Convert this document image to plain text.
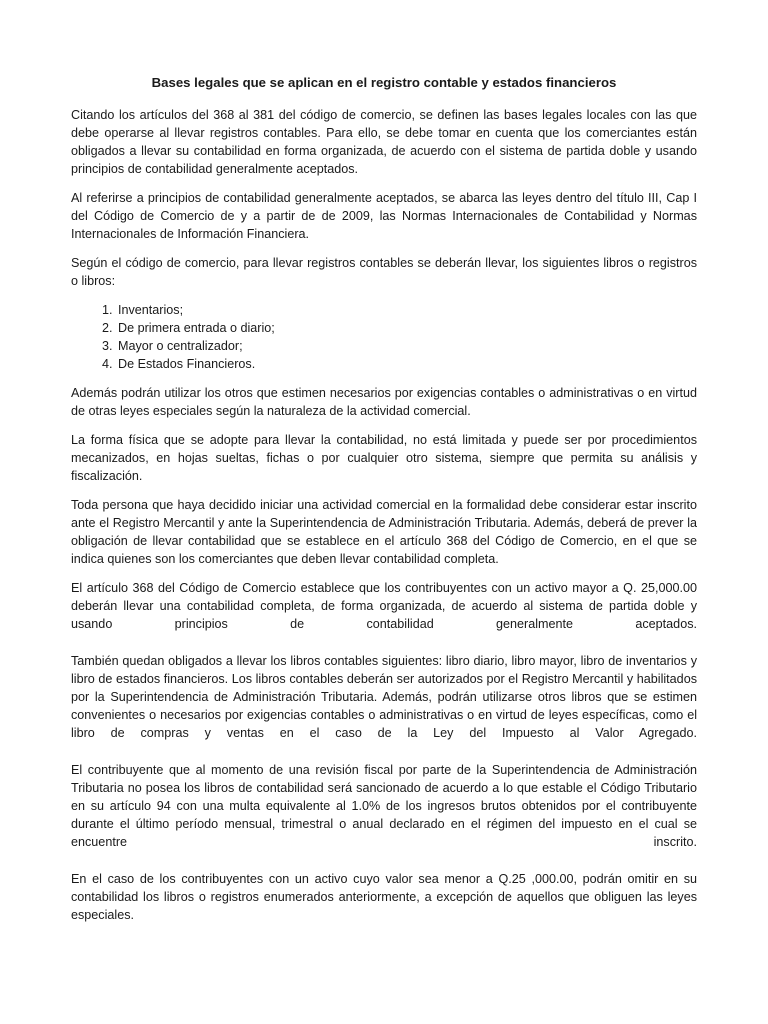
Bases legales que se aplican en el registro contable y estados financieros

Citando los artículos del 368 al 381 del código de comercio, se definen las bases legales locales con las que debe operarse al llevar registros contables. Para ello, se debe tomar en cuenta que los comerciantes están obligados a llevar su contabilidad en forma organizada, de acuerdo con el sistema de partida doble y usando principios de contabilidad generalmente aceptados.

Al referirse a principios de contabilidad generalmente aceptados, se abarca las leyes dentro del título III, Cap I del Código de Comercio de y a partir de de 2009, las Normas Internacionales de Contabilidad y Normas Internacionales de Información Financiera.

Según el código de comercio, para llevar registros contables se deberán llevar, los siguientes libros o registros o libros:

1. Inventarios;
2. De primera entrada o diario;
3. Mayor o centralizador;
4. De Estados Financieros.

Además podrán utilizar los otros que estimen necesarios por exigencias contables o administrativas o en virtud de otras leyes especiales según la naturaleza de la actividad comercial.

La forma física que se adopte para llevar la contabilidad, no está limitada y puede ser por procedimientos mecanizados, en hojas sueltas, fichas o por cualquier otro sistema, siempre que permita su análisis y fiscalización.

Toda persona que haya decidido iniciar una actividad comercial en la formalidad debe considerar estar inscrito ante el Registro Mercantil y ante la Superintendencia de Administración Tributaria. Además, deberá de prever la obligación de llevar contabilidad que se establece en el artículo 368 del Código de Comercio, en el que se indica quienes son los comerciantes que deben llevar contabilidad completa.

El artículo 368 del Código de Comercio establece que los contribuyentes con un activo mayor a Q. 25,000.00 deberán llevar una contabilidad completa, de forma organizada, de acuerdo al sistema de partida doble y usando principios de contabilidad generalmente aceptados.

También quedan obligados a llevar los libros contables siguientes: libro diario, libro mayor, libro de inventarios y libro de estados financieros. Los libros contables deberán ser autorizados por el Registro Mercantil y habilitados por la Superintendencia de Administración Tributaria. Además, podrán utilizarse otros libros que se estimen convenientes o necesarios por exigencias contables o administrativas o en virtud de leyes específicas, como el libro de compras y ventas en el caso de la Ley del Impuesto al Valor Agregado.

El contribuyente que al momento de una revisión fiscal por parte de la Superintendencia de Administración Tributaria no posea los libros de contabilidad será sancionado de acuerdo a lo que estable el Código Tributario en su artículo 94 con una multa equivalente al 1.0% de los ingresos brutos obtenidos por el contribuyente durante el último período mensual, trimestral o anual declarado en el régimen del impuesto en el cual se encuentre inscrito.

En el caso de los contribuyentes con un activo cuyo valor sea menor a Q.25 ,000.00, podrán omitir en su contabilidad los libros o registros enumerados anteriormente, a excepción de aquellos que obliguen las leyes especiales.
